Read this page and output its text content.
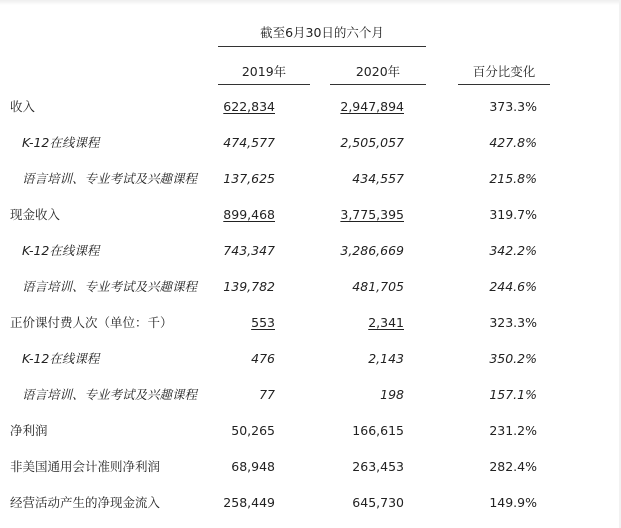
截至6月30日的六个月
2019年	2020年	百分比变化
收入	622,834	2,947,894	373.3%
K-12在线课程	474,577	2,505,057	427.8%
语言培训、专业考试及兴趣课程 137,625	434,557	215.8%
现金收入	899,468	3,775,395	319.7%
K-12在线课程	743,347	3,286,669	342.2%
语言培训、专业考试及兴趣课程 139,782	481,705	244.6%
正价课付费人次（单位：千）	553	2,341	323.3%
K-12在线课程	476	2,143	350.2%
语言培训、专业考试及兴趣课程	77	198	157.1%
净利润	50,265	166,615	231.2%
非美国通用会计准则净利润	68,948	263,453	282.4%
经营活动产生的净现金流入	258,449	645,730	149.9%
